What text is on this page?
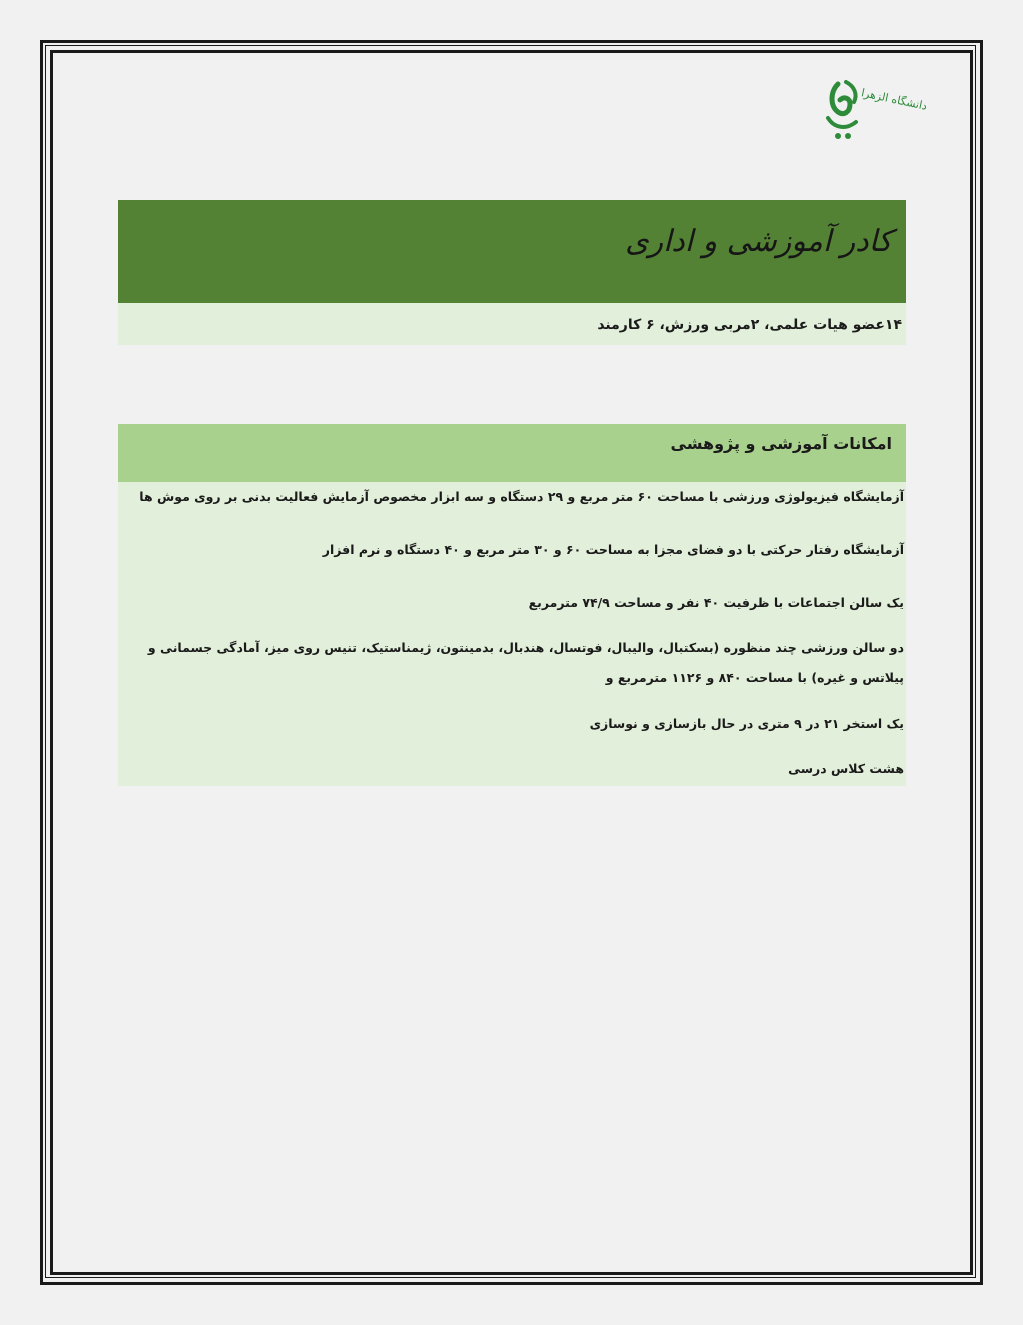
دانشگاه الزهرا
کادر آموزشی و اداری
۱۴عضو هیات علمی، ۲مربی ورزش، ۶ کارمند
امکانات آموزشی و پژوهشی
آزمایشگاه فیزیولوژی ورزشی با مساحت ۶۰ متر مربع و ۲۹ دستگاه و سه ابزار مخصوص آزمایش فعالیت بدنی بر روی موش ها
آزمایشگاه رفتار حرکتی با دو فضای مجزا به مساحت ۶۰ و ۳۰ متر مربع و ۴۰ دستگاه و نرم افزار
یک سالن اجتماعات با ظرفیت ۴۰ نفر و مساحت ۷۴/۹ مترمربع
دو سالن ورزشی چند منظوره (بسکتبال، والیبال، فوتسال، هندبال، بدمینتون، ژیمناستیک، تنیس روی میز، آمادگی جسمانی و پیلاتس و غیره) با مساحت ۸۴۰ و ۱۱۲۶ مترمربع و
یک استخر ۲۱ در ۹ متری در حال بازسازی و نوسازی
هشت کلاس درسی
